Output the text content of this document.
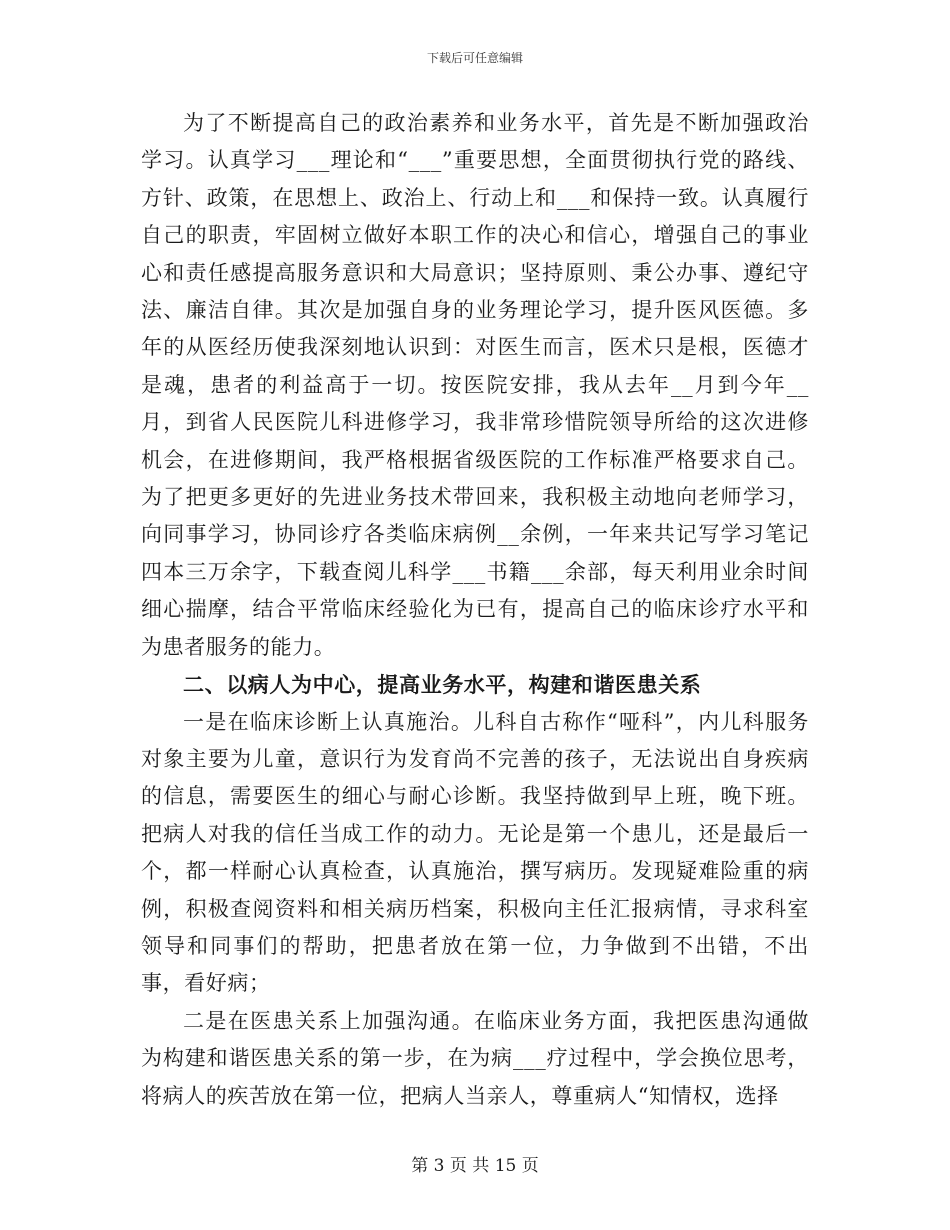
下载后可任意编辑

为了不断提高自己的政治素养和业务水平，首先是不断加强政治学习。认真学习___理论和“___”重要思想，全面贯彻执行党的路线、方针、政策，在思想上、政治上、行动上和___和保持一致。认真履行自己的职责，牢固树立做好本职工作的决心和信心，增强自己的事业心和责任感提高服务意识和大局意识；坚持原则、秉公办事、遵纪守法、廉洁自律。其次是加强自身的业务理论学习，提升医风医德。多年的从医经历使我深刻地认识到：对医生而言，医术只是根，医德才是魂，患者的利益高于一切。按医院安排，我从去年__月到今年__月，到省人民医院儿科进修学习，我非常珍惜院领导所给的这次进修机会，在进修期间，我严格根据省级医院的工作标准严格要求自己。为了把更多更好的先进业务技术带回来，我积极主动地向老师学习，向同事学习，协同诊疗各类临床病例__余例，一年来共记写学习笔记四本三万余字，下载查阅儿科学___书籍___余部，每天利用业余时间细心揣摩，结合平常临床经验化为已有，提高自己的临床诊疗水平和为患者服务的能力。

二、以病人为中心，提高业务水平，构建和谐医患关系

一是在临床诊断上认真施治。儿科自古称作“哑科”，内儿科服务对象主要为儿童，意识行为发育尚不完善的孩子，无法说出自身疾病的信息，需要医生的细心与耐心诊断。我坚持做到早上班，晚下班。把病人对我的信任当成工作的动力。无论是第一个患儿，还是最后一个，都一样耐心认真检查，认真施治，撰写病历。发现疑难险重的病例，积极查阅资料和相关病历档案，积极向主任汇报病情，寻求科室领导和同事们的帮助，把患者放在第一位，力争做到不出错，不出事，看好病；

二是在医患关系上加强沟通。在临床业务方面，我把医患沟通做为构建和谐医患关系的第一步，在为病___疗过程中，学会换位思考，将病人的疾苦放在第一位，把病人当亲人，尊重病人“知情权，选择

第 3 页 共 15 页
